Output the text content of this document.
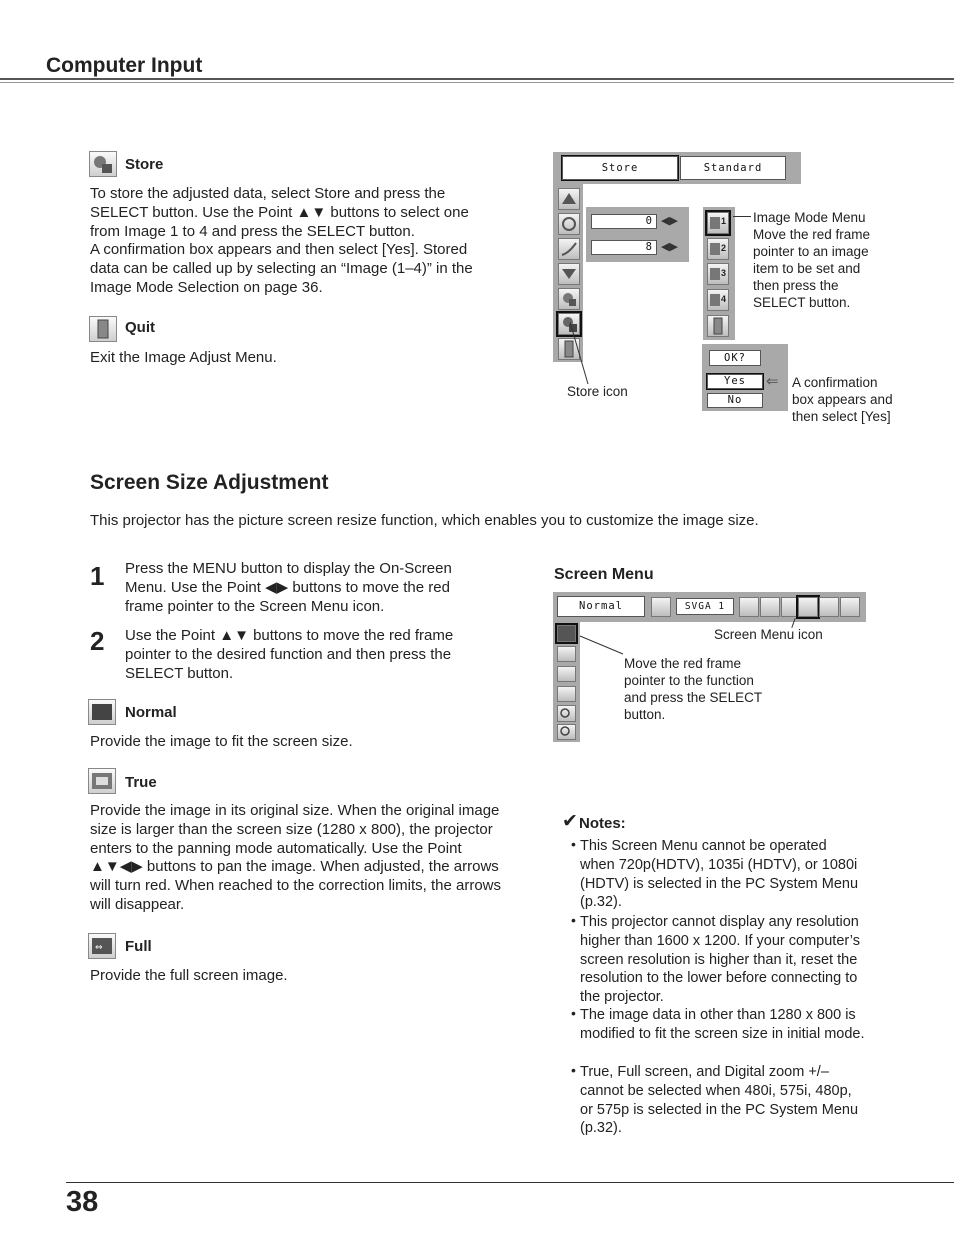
Computer Input
Store
To store the adjusted data, select Store and press the SELECT button. Use the Point ▲▼ buttons to select one from Image 1 to 4 and press the SELECT button.
A confirmation box appears and then select [Yes]. Stored data can be called up by selecting an “Image (1–4)” in the Image Mode Selection on page 36.
Quit
Exit the Image Adjust Menu.
Store	Standard
0 ◀▶
8 ◀▶
1
2
3
4
Image Mode Menu
Move the red frame pointer to an image item to be set and then press the SELECT button.
OK?
Yes
No
⇐ A confirmation box appears and then select [Yes]
Store icon
Screen Size Adjustment
This projector has the picture screen resize function, which enables you to customize the image size.
1 Press the MENU button to display the On-Screen Menu. Use the Point ◀▶ buttons to move the red frame pointer to the Screen Menu icon.
2 Use the Point ▲▼ buttons to move the red frame pointer to the desired function and then press the SELECT button.
Normal
Provide the image to fit the screen size.
True
Provide the image in its original size. When the original image size is larger than the screen size (1280 x 800), the projector enters to the panning mode automatically. Use the Point ▲▼◀▶ buttons to pan the image. When adjusted, the arrows will turn red. When reached to the correction limits, the arrows will disappear.
⇔ Full
Provide the full screen image.
Screen Menu
Normal	SVGA 1
Screen Menu icon
Move the red frame pointer to the function and press the SELECT button.
✔ Notes:
• This Screen Menu cannot be operated when 720p(HDTV), 1035i (HDTV), or 1080i (HDTV) is selected in the PC System Menu (p.32).
• This projector cannot display any resolution higher than 1600 x 1200. If your computer’s screen resolution is higher than it, reset the resolution to the lower before connecting to the projector.
• The image data in other than 1280 x 800 is modified to fit the screen size in initial mode.
• True, Full screen, and Digital zoom +/– cannot be selected when 480i, 575i, 480p, or 575p is selected in the PC System Menu (p.32).
38
